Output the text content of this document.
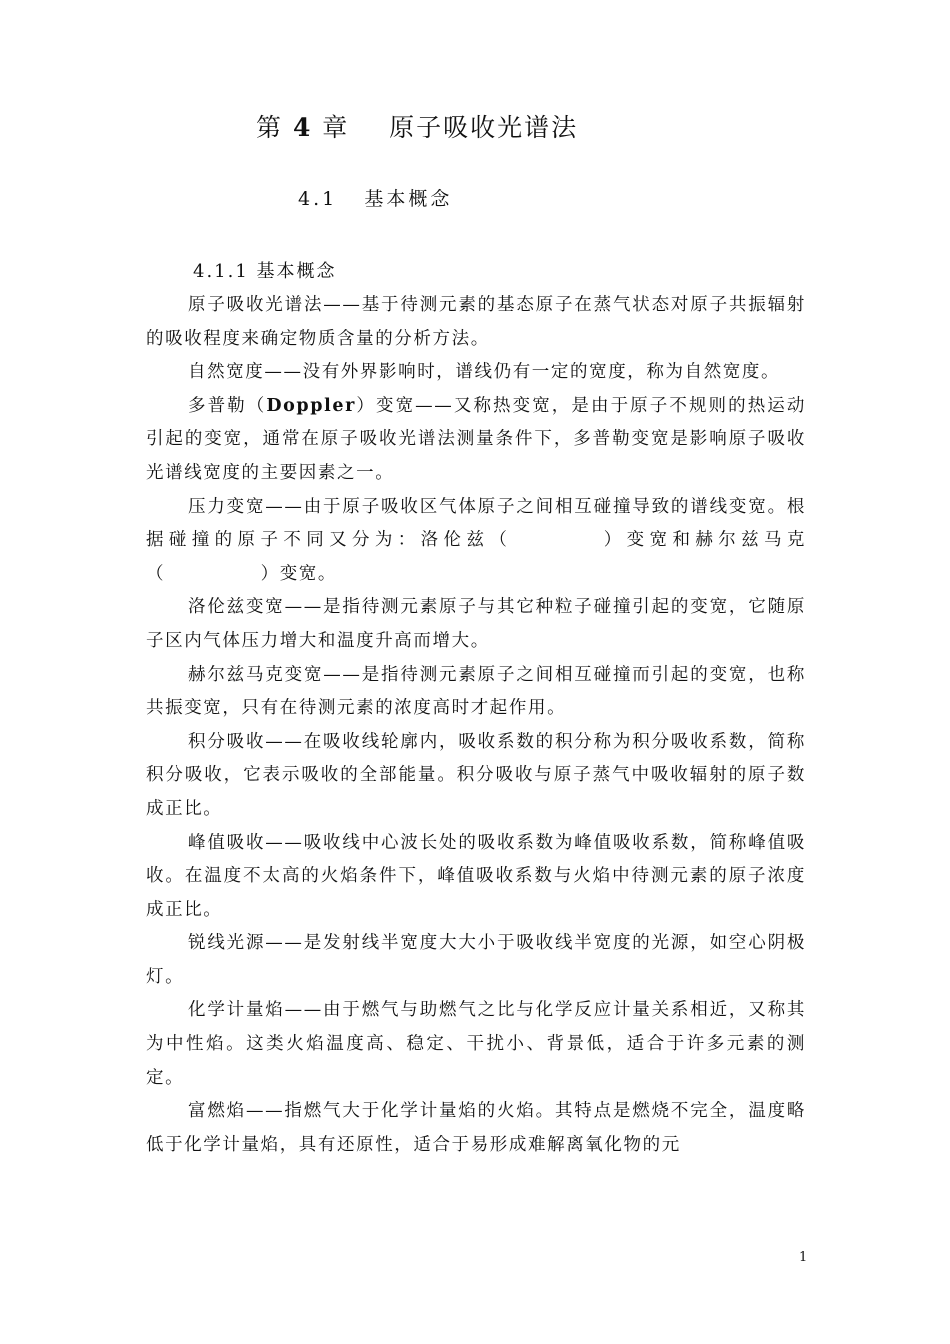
第 4 章    原子吸收光谱法
4.1   基本概念
4.1.1 基本概念

原子吸收光谱法——基于待测元素的基态原子在蒸气状态对原子共振辐射的吸收程度来确定物质含量的分析方法。

自然宽度——没有外界影响时，谱线仍有一定的宽度，称为自然宽度。

多普勒（Doppler）变宽——又称热变宽，是由于原子不规则的热运动引起的变宽，通常在原子吸收光谱法测量条件下，多普勒变宽是影响原子吸收光谱线宽度的主要因素之一。

压力变宽——由于原子吸收区气体原子之间相互碰撞导致的谱线变宽。根据碰撞的原子不同又分为：洛伦兹（　　　　）变宽和赫尔兹马克（　　　　　）变宽。

洛伦兹变宽——是指待测元素原子与其它种粒子碰撞引起的变宽，它随原子区内气体压力增大和温度升高而增大。

赫尔兹马克变宽——是指待测元素原子之间相互碰撞而引起的变宽，也称共振变宽，只有在待测元素的浓度高时才起作用。

积分吸收——在吸收线轮廓内，吸收系数的积分称为积分吸收系数，简称积分吸收，它表示吸收的全部能量。积分吸收与原子蒸气中吸收辐射的原子数成正比。

峰值吸收——吸收线中心波长处的吸收系数为峰值吸收系数，简称峰值吸收。在温度不太高的火焰条件下，峰值吸收系数与火焰中待测元素的原子浓度成正比。

锐线光源——是发射线半宽度大大小于吸收线半宽度的光源，如空心阴极灯。

化学计量焰——由于燃气与助燃气之比与化学反应计量关系相近，又称其为中性焰。这类火焰温度高、稳定、干扰小、背景低，适合于许多元素的测定。

富燃焰——指燃气大于化学计量焰的火焰。其特点是燃烧不完全，温度略低于化学计量焰，具有还原性，适合于易形成难解离氧化物的元

1
